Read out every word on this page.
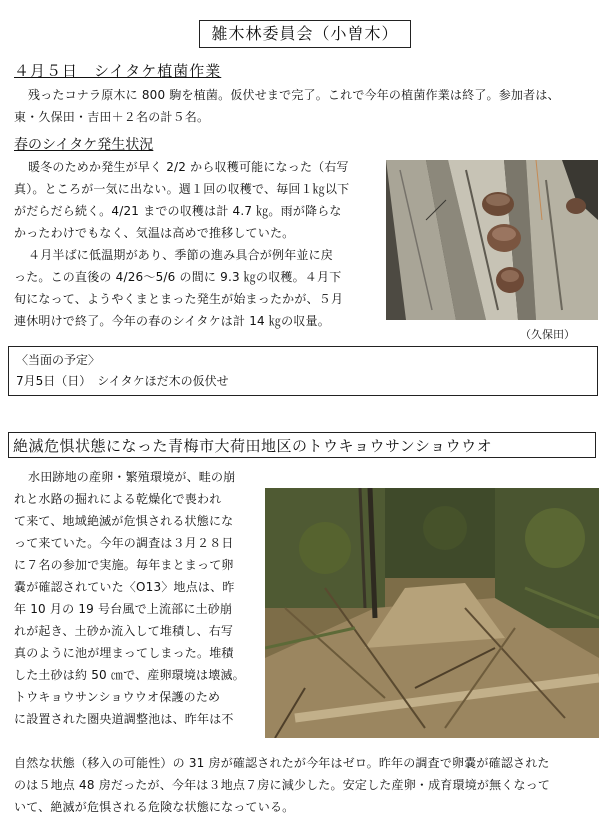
雑木林委員会（小曽木）
４月５日　シイタケ植菌作業
残ったコナラ原木に 800 駒を植菌。仮伏せまで完了。これで今年の植菌作業は終了。参加者は、
東・久保田・吉田＋２名の計５名。
春のシイタケ発生状況
暖冬のためか発生が早く 2/2 から収穫可能になった（右写
真）。ところが一気に出ない。週１回の収穫で、毎回１㎏以下
がだらだら続く。4/21 までの収穫は計 4.7 ㎏。雨が降らな
かったわけでもなく、気温は高めで推移していた。
４月半ばに低温期があり、季節の進み具合が例年並に戻
った。この直後の 4/26〜5/6 の間に 9.3 ㎏の収穫。４月下
旬になって、ようやくまとまった発生が始まったかが、５月
連休明けで終了。今年の春のシイタケは計 14 ㎏の収量。
（久保田）
〈当面の予定〉
7月5日（日）　シイタケほだ木の仮伏せ
絶滅危惧状態になった青梅市大荷田地区のトウキョウサンショウウオ
水田跡地の産卵・繁殖環境が、畦の崩
れと水路の掘れによる乾燥化で喪われ
て来て、地域絶滅が危惧される状態にな
って来ていた。今年の調査は３月２８日
に７名の参加で実施。毎年まとまって卵
嚢が確認されていた〈O13〉地点は、昨
年 10 月の 19 号台風で上流部に土砂崩
れが起き、土砂か流入して堆積し、右写
真のように池が埋まってしまった。堆積
した土砂は約 50 ㎝で、産卵環境は壊滅。
トウキョウサンショウウオ保護のため
に設置された圏央道調整池は、昨年は不
自然な状態（移入の可能性）の 31 房が確認されたが今年はゼロ。昨年の調査で卵嚢が確認された
のは５地点 48 房だったが、今年は３地点７房に減少した。安定した産卵・成育環境が無くなって
いて、絶滅が危惧される危険な状態になっている。
